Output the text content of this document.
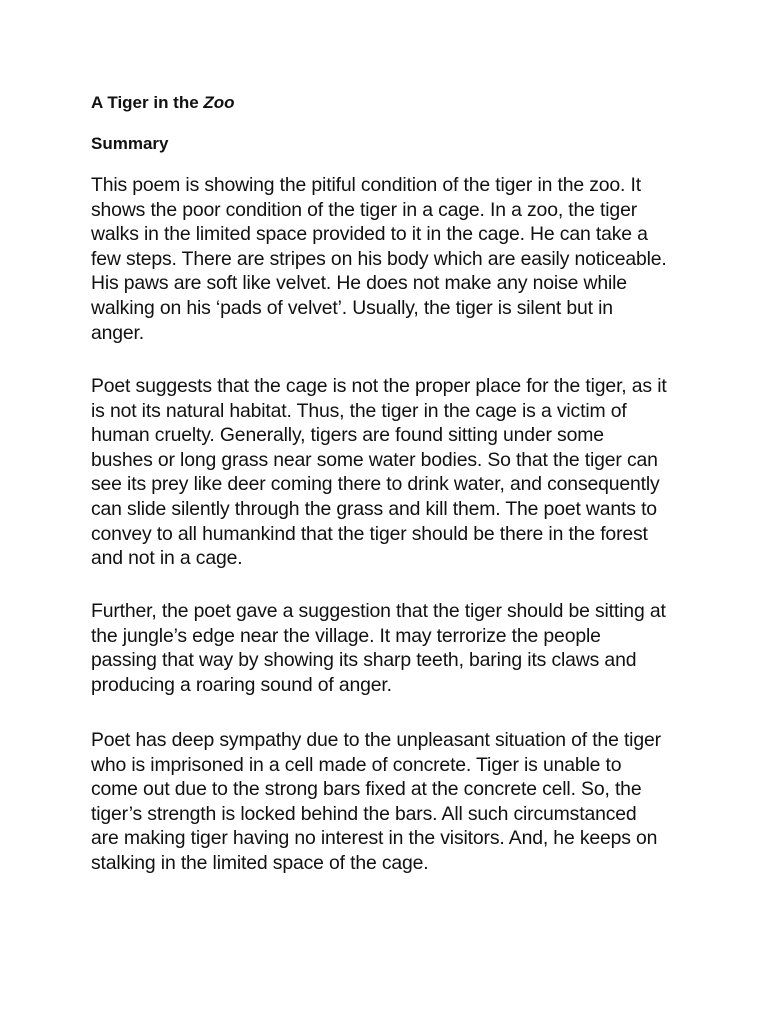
A Tiger in the Zoo
Summary

This poem is showing the pitiful condition of the tiger in the zoo. It shows the poor condition of the tiger in a cage. In a zoo, the tiger walks in the limited space provided to it in the cage. He can take a few steps. There are stripes on his body which are easily noticeable. His paws are soft like velvet. He does not make any noise while walking on his ‘pads of velvet’. Usually, the tiger is silent but in anger.

Poet suggests that the cage is not the proper place for the tiger, as it is not its natural habitat. Thus, the tiger in the cage is a victim of human cruelty. Generally, tigers are found sitting under some bushes or long grass near some water bodies. So that the tiger can see its prey like deer coming there to drink water, and consequently can slide silently through the grass and kill them. The poet wants to convey to all humankind that the tiger should be there in the forest and not in a cage.

Further, the poet gave a suggestion that the tiger should be sitting at the jungle’s edge near the village. It may terrorize the people passing that way by showing its sharp teeth, baring its claws and producing a roaring sound of anger.

Poet has deep sympathy due to the unpleasant situation of the tiger who is imprisoned in a cell made of concrete. Tiger is unable to come out due to the strong bars fixed at the concrete cell. So, the tiger’s strength is locked behind the bars. All such circumstanced are making tiger having no interest in the visitors. And, he keeps on stalking in the limited space of the cage.
